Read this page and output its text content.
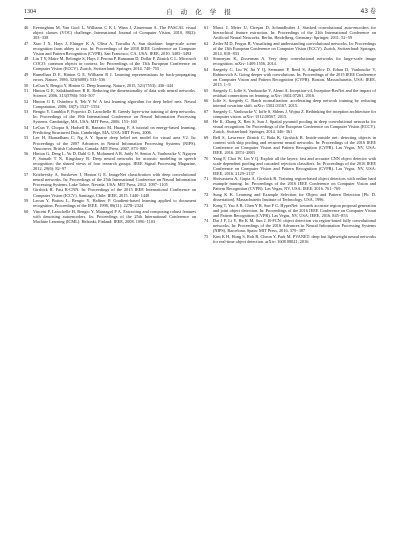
1304	自 动 化 学 报	43 卷
46	Everingham M, Van Gool L, Williams C K I, Winn J, Zisserman A. The PASCAL visual object classes (VOC) challenge. International Journal of Computer Vision, 2010, 88(2): 303−338
47	Xiao J X, Hays J, Ehinger K A, Oliva A, Torralba A. Sun database: large-scale scene recognition from abbey to zoo. In: Proceedings of the 2010 IEEE Conference on Computer Vision and Pattern Recognition (CVPR). San Francisco, CA, USA: IEEE, 2010. 3485−3492
48	Lin T Y, Maire M, Belongie S, Hays J, Perona P, Ramanan D, Dollár P, Zitnick C L. Microsoft COCO: common objects in context. In: Proceedings of the 13th European Conference on Computer Vision (ECCV). Zurich, Switzerland: Springer, 2014. 740−755
49	Rumelhart D E, Hinton G E, Williams R J. Learning representations by back-propagating errors. Nature, 1986, 323(6088): 533−536
50	LeCun Y, Bengio Y, Hinton G. Deep learning. Nature, 2015, 521(7553): 436−444
51	Hinton G E, Salakhutdinov R R. Reducing the dimensionality of data with neural networks. Science, 2006, 313(5786): 504−507
52	Hinton G E, Osindero S, Teh Y W. A fast learning algorithm for deep belief nets. Neural Computation, 2006, 18(7): 1527−1554
53	Bengio Y, Lamblin P, Popovici D, Larochelle H. Greedy layer-wise training of deep networks. In: Proceedings of the 19th International Conference on Neural Information Processing Systems. Cambridge, MA, USA: MIT Press, 2006. 153−160
54	LeCun Y, Chopra S, Hadsell R, Ranzato M, Huang F. A tutorial on energy-based learning. Predicting Structured Data. Cambridge, MA, USA: MIT Press, 2006.
55	Lee H, Ekanadham C, Ng A Y. Sparse deep belief net model for visual area V2. In: Proceedings of the 2007 Advances in Neural Information Processing Systems (NIPS). Vancouver, British Columbia, Canada: MIT Press, 2007. 873−880
56	Hinton G, Deng L, Yu D, Dahl G E, Mohamed A R, Jaitly N, Senior A, Vanhoucke V, Nguyen P, Sainath T N, Kingsbury B. Deep neural networks for acoustic modeling in speech recognition: the shared views of four research groups. IEEE Signal Processing Magazine, 2012, 29(6): 82−97
57	Krizhevsky A, Sutskever I, Hinton G E. ImageNet classification with deep convolutional neural networks. In: Proceedings of the 25th International Conference on Neural Information Processing Systems. Lake Tahoe, Nevada, USA: MIT Press, 2012. 1097−1105
58	Girshick R. Fast R-CNN. In: Proceedings of the 2015 IEEE International Conference on Computer Vision (ICCV). Santiago, Chile: IEEE, 2015. 1440−1448
59	Lecun Y, Bottou L, Bengio Y, Haffner P. Gradient-based learning applied to document recognition. Proceedings of the IEEE, 1998, 86(11): 2278−2324
60	Vincent P, Larochelle H, Bengio Y, Manzagol P A. Extracting and composing robust features with denoising autoencoders. In: Proceedings of the 25th International Conference on Machine Learning (ICML). Helsinki, Finland: IEEE, 2008. 1096−1103
61	Masci J, Meier U, Cireşan D, Schmidhuber J. Stacked convolutional auto-encoders for hierarchical feature extraction. In: Proceedings of the 21th International Conference on Artificial Neural Networks. Berlin, Heidelberg, Germany: Springer, 2011. 52−59
62	Zeiler M D, Fergus R. Visualizing and understanding convolutional networks. In: Proceedings of the 13th European Conference on Computer Vision (ECCV). Zurich, Switzerland: Springer, 2014. 818−833
63	Simonyan K, Zisserman A. Very deep convolutional networks for large-scale image recognition. arXiv: 1409.1556, 2014.
64	Szegedy C, Liu W, Jia Y Q, Sermanet P, Reed S, Anguelov D, Erhan D, Vanhoucke V, Rabinovich A. Going deeper with convolutions. In: Proceedings of the 2015 IEEE Conference on Computer Vision and Pattern Recognition (CVPR). Boston, Massachusetts, USA: IEEE, 2015. 1−9
65	Szegedy C, Ioffe S, Vanhoucke V, Alemi A. Inception-v4, Inception-ResNet and the impact of residual connections on learning. arXiv: 1602.07261, 2016.
66	Ioffe S, Szegedy C. Batch normalization: accelerating deep network training by reducing internal covariate shift. arXiv: 1502.03167, 2015.
67	Szegedy C, Vanhoucke V, Ioffe S, Shlens J, Wojna Z. Rethinking the inception architecture for computer vision. arXiv: 1512.00567, 2015.
68	He K, Zhang X, Ren S, Sun J. Spatial pyramid pooling in deep convolutional networks for visual recognition. In: Proceedings of the European Conference on Computer Vision (ECCV). Zurich, Switzerland: Springer, 2014. 346−361
69	Bell S, Lawrence Zitnick C, Bala K, Girshick R. Inside-outside net: detecting objects in context with skip pooling and recurrent neural networks. In: Proceedings of the 2016 IEEE Conference on Computer Vision and Pattern Recognition (CVPR). Las Vegas, NV, USA: IEEE, 2016. 2874−2883
70	Yang F, Choi W, Lin Y Q. Exploit all the layers: fast and accurate CNN object detector with scale dependent pooling and cascaded rejection classifiers. In: Proceedings of the 2016 IEEE Conference on Computer Vision and Pattern Recognition (CVPR). Las Vegas, NV, USA: IEEE, 2016. 2129−2137
71	Shrivastava A, Gupta A, Girshick R. Training region-based object detectors with online hard example mining. In: Proceedings of the 2016 IEEE Conference on Computer Vision and Pattern Recognition (CVPR). Las Vegas, NV, USA: IEEE, 2016. 761−769
72	Sung K K. Learning and Example Selection for Object and Pattern Detection [Ph. D. dissertation], Massachusetts Institute of Technology, USA, 1996.
73	Kong T, Yao A B, Chen Y R, Sun F C. HyperNet: towards accurate region proposal generation and joint object detection. In: Proceedings of the 2016 IEEE Conference on Computer Vision and Pattern Recognition (CVPR). Las Vegas, NV, USA: IEEE, 2016. 845−853
74	Dai J F, Li Y, He K M, Sun J. R-FCN: object detection via region-based fully convolutional networks. In: Proceedings of the 2016 Advances in Neural Information Processing Systems (NIPS). Barcelona, Spain: MIT Press, 2016. 379−387
75	Kim K H, Hong S, Roh B, Cheon Y, Park M. PVANET: deep but lightweight neural networks for real-time object detection. arXiv: 1608.08021, 2016.
